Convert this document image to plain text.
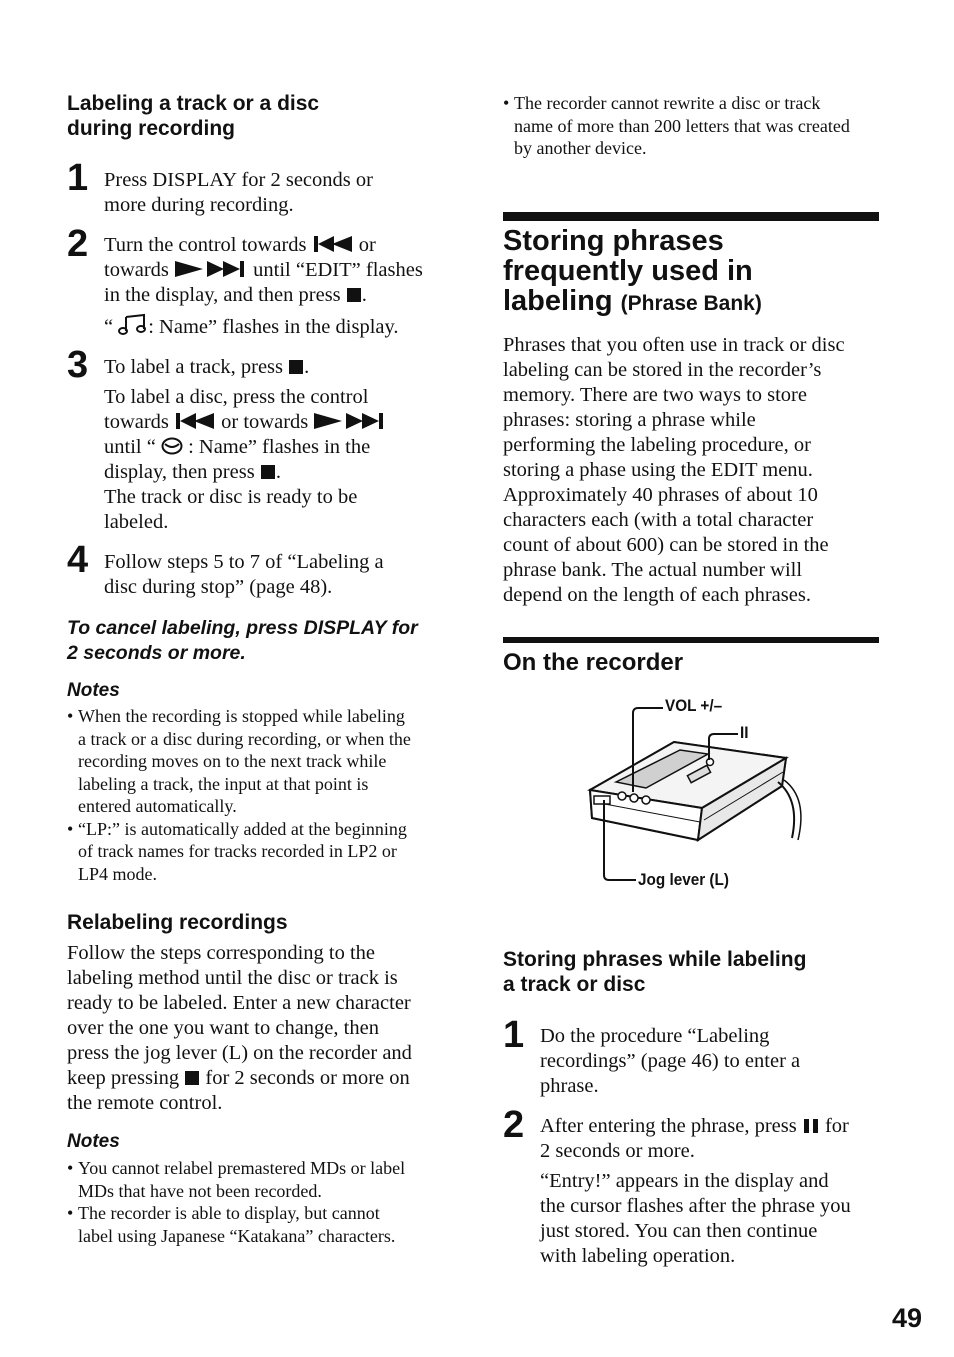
Labeling a track or a disc
during recording
1 Press DISPLAY for 2 seconds or
more during recording.
2 Turn the control towards	or
towards	until “EDIT” flashes
in the display, and then press .
“ : Name” flashes in the display.
3 To label a track, press .
To label a disc, press the control
towards	or towards
until “ : Name” flashes in the
display, then press .
The track or disc is ready to be
labeled.
4 Follow steps 5 to 7 of “Labeling a
disc during stop” (page 48).
To cancel labeling, press DISPLAY for
2 seconds or more.
Notes
• When the recording is stopped while labeling
a track or a disc during recording, or when the
recording moves on to the next track while
labeling a track, the input at that point is
entered automatically.
• “LP:” is automatically added at the beginning
of track names for tracks recorded in LP2 or
LP4 mode.
Relabeling recordings
Follow the steps corresponding to the
labeling method until the disc or track is
ready to be labeled. Enter a new character
over the one you want to change, then
press the jog lever (L) on the recorder and
keep pressing for 2 seconds or more on
the remote control.
Notes
• You cannot relabel premastered MDs or label
MDs that have not been recorded.
• The recorder is able to display, but cannot
label using Japanese “Katakana” characters.
• The recorder cannot rewrite a disc or track
name of more than 200 letters that was created
by another device.
Storing phrases
frequently used in
labeling (Phrase Bank)
Phrases that you often use in track or disc
labeling can be stored in the recorder’s
memory. There are two ways to store
phrases: storing a phrase while
performing the labeling procedure, or
storing a phase using the EDIT menu.
Approximately 40 phrases of about 10
characters each (with a total character
count of about 600) can be stored in the
phrase bank. The actual number will
depend on the length of each phrases.
On the recorder
VOL +/–
II
Jog lever (L)
Storing phrases while labeling
a track or disc
1 Do the procedure “Labeling
recordings” (page 46) to enter a
phrase.
2 After entering the phrase, press for
2 seconds or more.
“Entry!” appears in the display and
the cursor flashes after the phrase you
just stored. You can then continue
with labeling operation.
49
